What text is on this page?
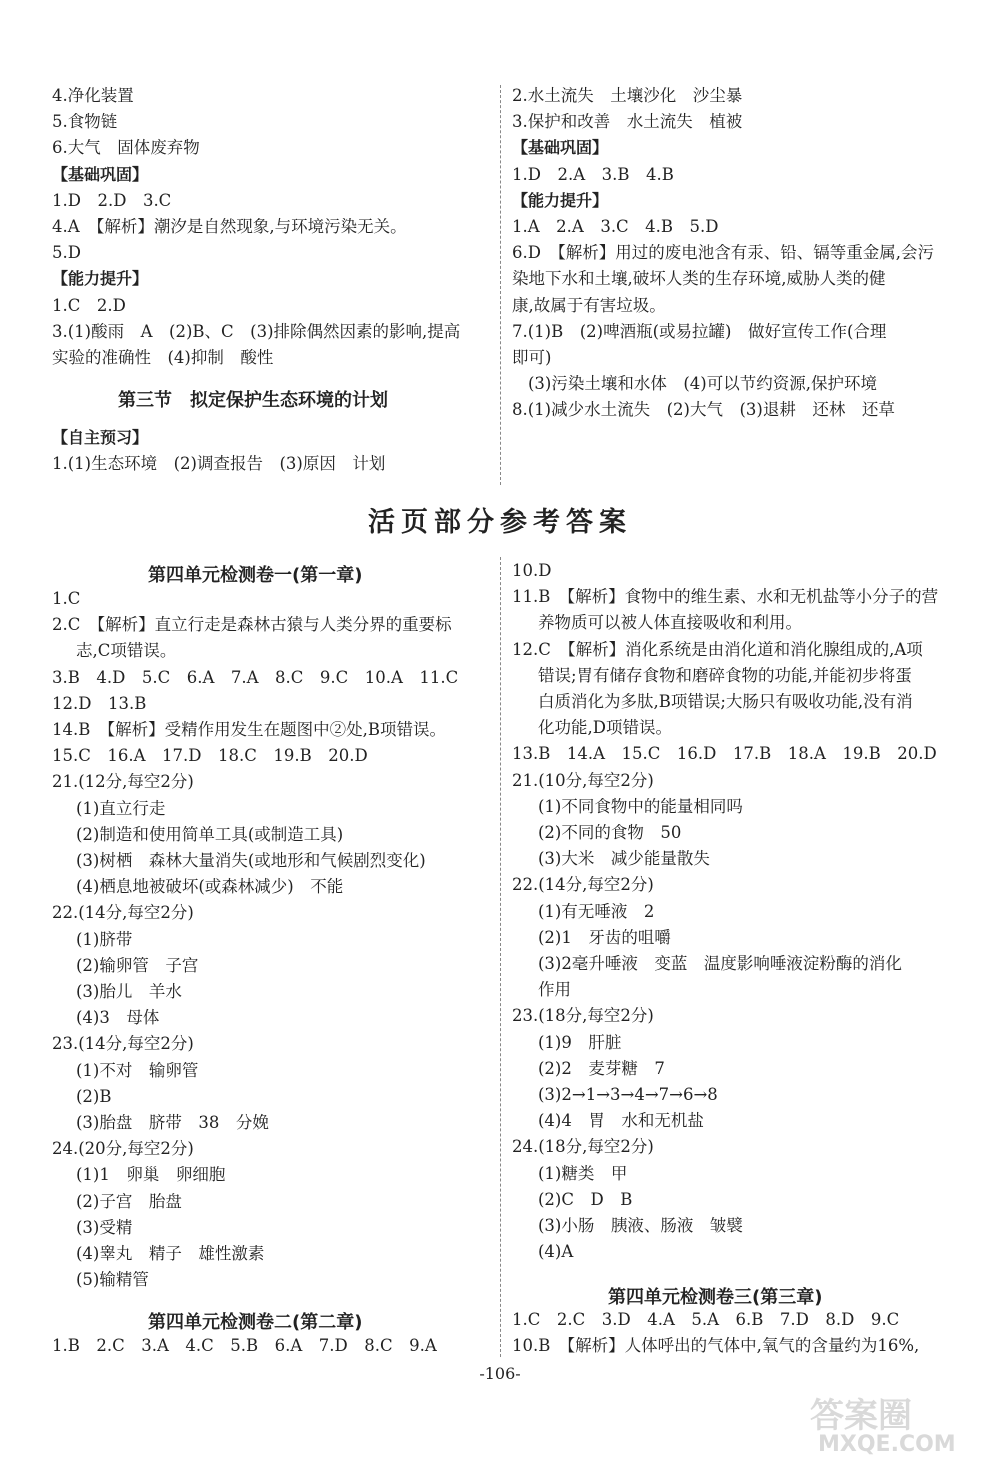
4.净化装置
5.食物链
6.大气　固体废弃物
【基础巩固】
1.D　2.D　3.C
4.A　【解析】潮汐是自然现象,与环境污染无关。
5.D
【能力提升】
1.C　2.D
3.(1)酸雨　A　(2)B、C　(3)排除偶然因素的影响,提高
实验的准确性　(4)抑制　酸性
第三节　拟定保护生态环境的计划
【自主预习】
1.(1)生态环境　(2)调查报告　(3)原因　计划
2.水土流失　土壤沙化　沙尘暴
3.保护和改善　水土流失　植被
【基础巩固】
1.D　2.A　3.B　4.B
【能力提升】
1.A　2.A　3.C　4.B　5.D
6.D　【解析】用过的废电池含有汞、铅、镉等重金属,会污
染地下水和土壤,破坏人类的生存环境,威胁人类的健
康,故属于有害垃圾。
7.(1)B　(2)啤酒瓶(或易拉罐)　做好宣传工作(合理
即可)
(3)污染土壤和水体　(4)可以节约资源,保护环境
8.(1)减少水土流失　(2)大气　(3)退耕　还林　还草
第四单元检测卷一(第一章)
1.C
2.C　【解析】直立行走是森林古猿与人类分界的重要标
志,C项错误。
3.B　4.D　5.C　6.A　7.A　8.C　9.C　10.A　11.C
12.D　13.B
14.B　【解析】受精作用发生在题图中②处,B项错误。
15.C　16.A　17.D　18.C　19.B　20.D
21.(12分,每空2分)
(1)直立行走
(2)制造和使用简单工具(或制造工具)
(3)树栖　森林大量消失(或地形和气候剧烈变化)
(4)栖息地被破坏(或森林减少)　不能
22.(14分,每空2分)
(1)脐带
(2)输卵管　子宫
(3)胎儿　羊水
(4)3　母体
23.(14分,每空2分)
(1)不对　输卵管
(2)B
(3)胎盘　脐带　38　分娩
24.(20分,每空2分)
(1)1　卵巢　卵细胞
(2)子宫　胎盘
(3)受精
(4)睾丸　精子　雄性激素
(5)输精管
第四单元检测卷二(第二章)
1.B　2.C　3.A　4.C　5.B　6.A　7.D　8.C　9.A
10.D
11.B　【解析】食物中的维生素、水和无机盐等小分子的营
养物质可以被人体直接吸收和利用。
12.C　【解析】消化系统是由消化道和消化腺组成的,A项
错误;胃有储存食物和磨碎食物的功能,并能初步将蛋
白质消化为多肽,B项错误;大肠只有吸收功能,没有消
化功能,D项错误。
13.B　14.A　15.C　16.D　17.B　18.A　19.B　20.D
21.(10分,每空2分)
(1)不同食物中的能量相同吗
(2)不同的食物　50
(3)大米　减少能量散失
22.(14分,每空2分)
(1)有无唾液　2
(2)1　牙齿的咀嚼
(3)2毫升唾液　变蓝　温度影响唾液淀粉酶的消化
作用
23.(18分,每空2分)
(1)9　肝脏
(2)2　麦芽糖　7
(3)2→1→3→4→7→6→8
(4)4　胃　水和无机盐
24.(18分,每空2分)
(1)糖类　甲
(2)C　D　B
(3)小肠　胰液、肠液　皱襞
(4)A
第四单元检测卷三(第三章)
1.C　2.C　3.D　4.A　5.A　6.B　7.D　8.D　9.C
10.B　【解析】人体呼出的气体中,氧气的含量约为16%,
活页部分参考答案
-106-
答案圈
MXQE.COM
